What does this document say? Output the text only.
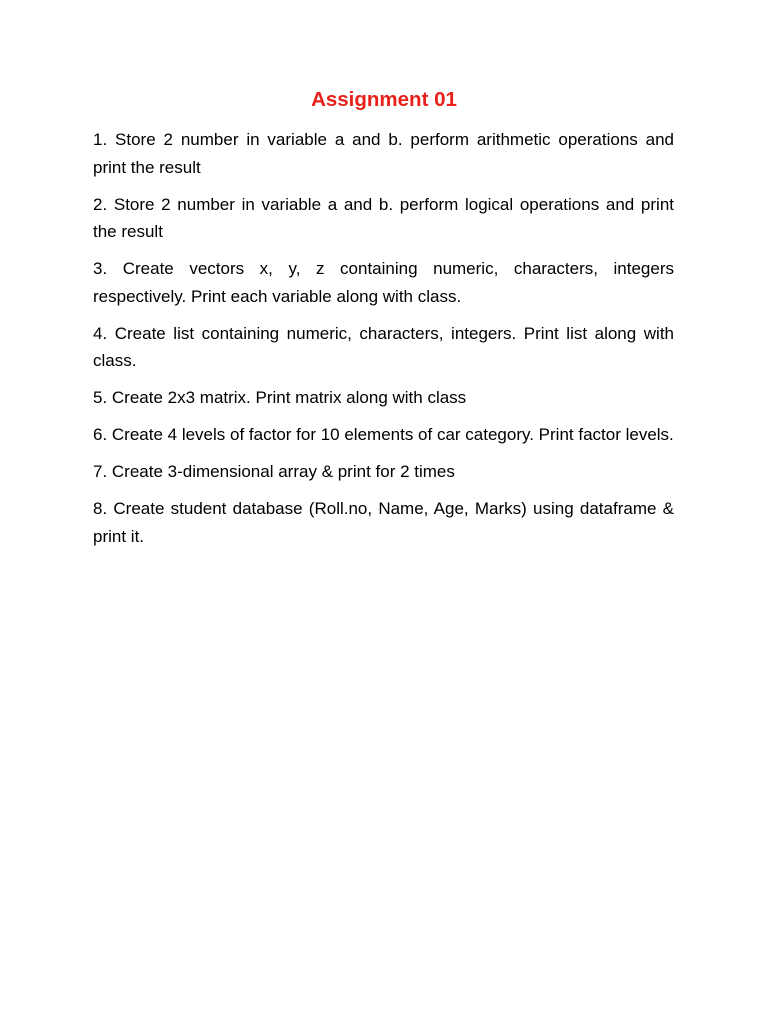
Assignment 01
1. Store 2 number in variable a and b. perform arithmetic operations and print the result
2. Store 2 number in variable a and b. perform logical operations and print the result
3. Create vectors x, y, z containing numeric, characters, integers respectively. Print each variable along with class.
4. Create list containing numeric, characters, integers. Print list along with class.
5. Create 2x3 matrix. Print matrix along with class
6. Create 4 levels of factor for 10 elements of car category. Print factor levels.
7. Create 3-dimensional array & print for 2 times
8. Create student database (Roll.no, Name, Age, Marks) using dataframe & print it.
